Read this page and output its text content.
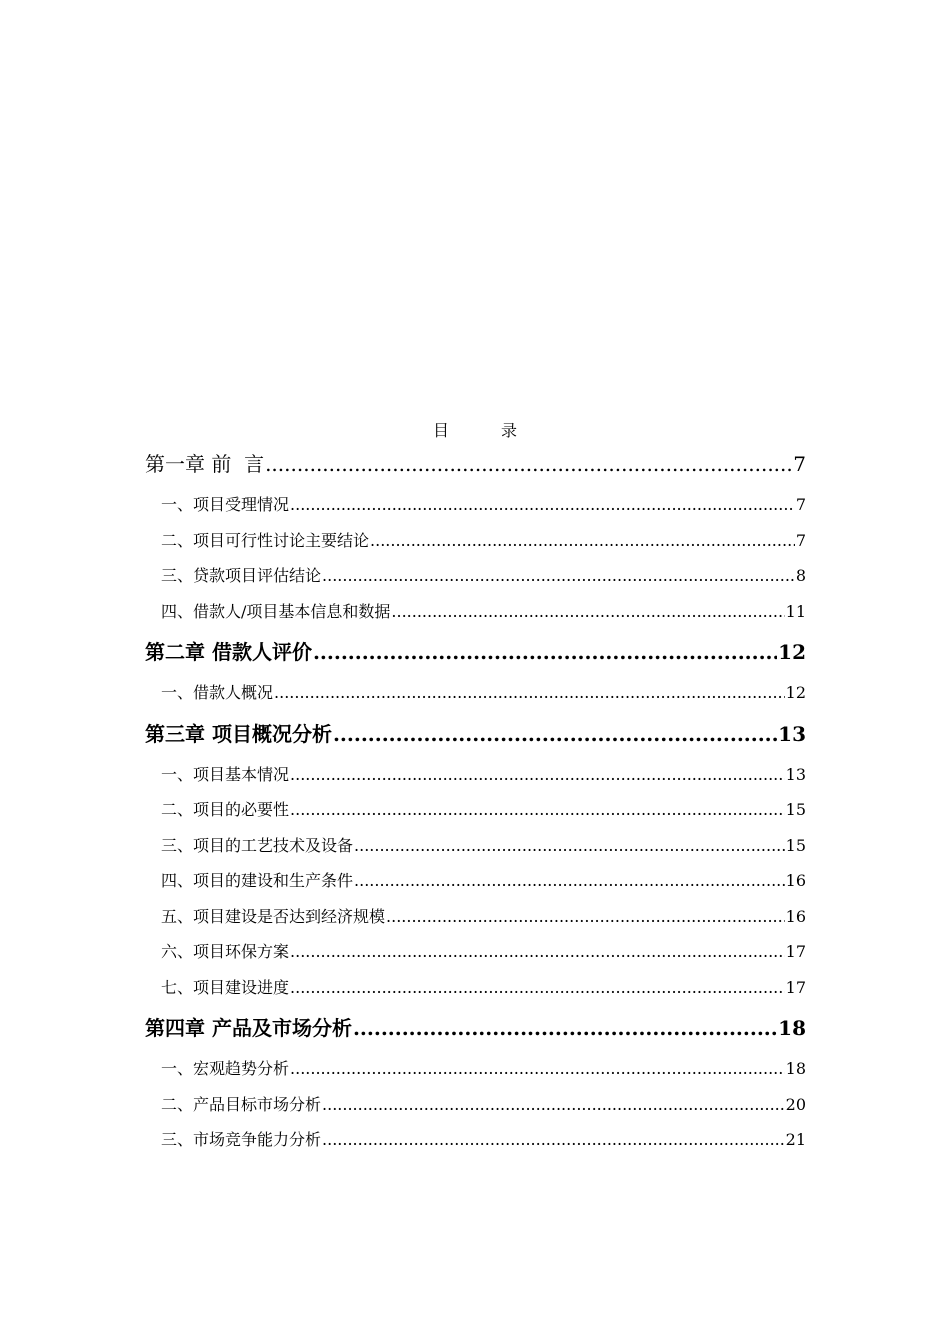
目	录
第一章 前  言 .....	7
一、项目受理情况 .....	7
二、项目可行性讨论主要结论 .....	7
三、贷款项目评估结论 .....	8
四、借款人/项目基本信息和数据 .....	11
第二章 借款人评价 .....	12
一、借款人概况 .....	12
第三章 项目概况分析 .....	13
一、项目基本情况 .....	13
二、项目的必要性 .....	15
三、项目的工艺技术及设备 .....	15
四、项目的建设和生产条件 .....	16
五、项目建设是否达到经济规模 .....	16
六、项目环保方案 .....	17
七、项目建设进度 .....	17
第四章 产品及市场分析 .....	18
一、宏观趋势分析 .....	18
二、产品目标市场分析 .....	20
三、市场竞争能力分析 .....	21
